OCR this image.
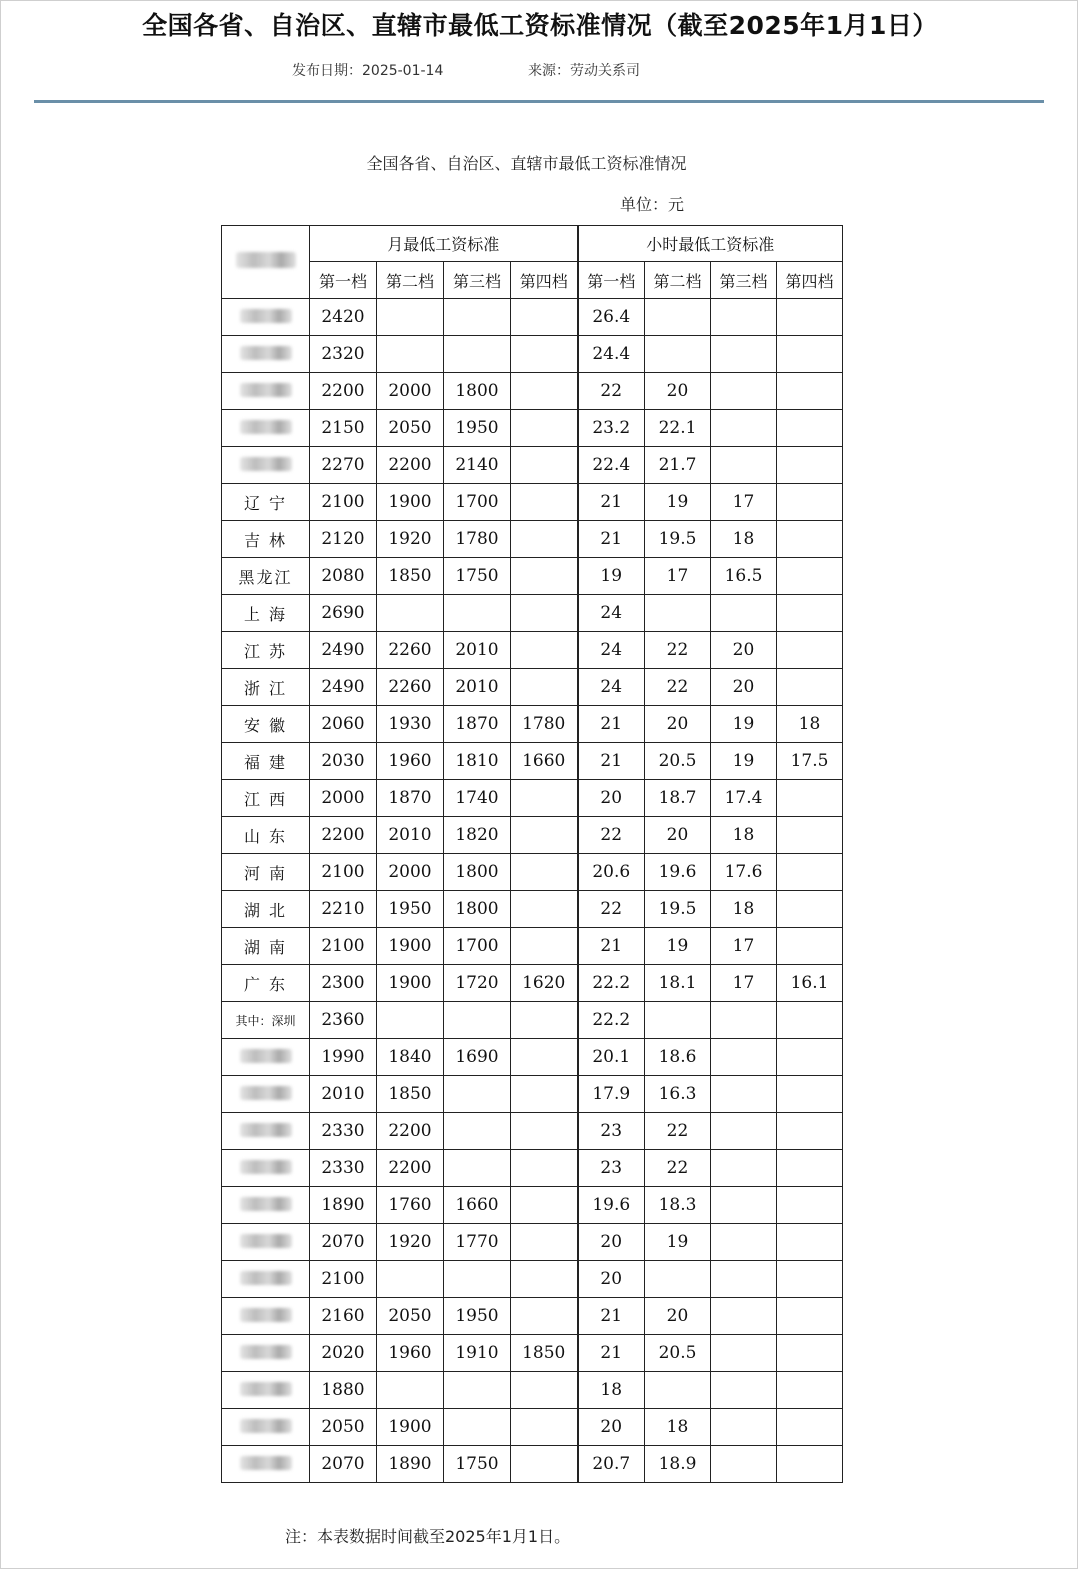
全国各省、自治区、直辖市最低工资标准情况（截至2025年1月1日）
发布日期：2025-01-14	来源：劳动关系司
全国各省、自治区、直辖市最低工资标准情况
单位：元
	月最低工资标准				小时最低工资标准			
	第一档	第二档	第三档	第四档	第一档	第二档	第三档	第四档
	2420				26.4			
	2320				24.4			
	2200	2000	1800		22	20		
	2150	2050	1950		23.2	22.1		
	2270	2200	2140		22.4	21.7		
辽 宁	2100	1900	1700		21	19	17	
吉 林	2120	1920	1780		21	19.5	18	
黑龙江	2080	1850	1750		19	17	16.5	
上 海	2690				24			
江 苏	2490	2260	2010		24	22	20	
浙 江	2490	2260	2010		24	22	20	
安 徽	2060	1930	1870	1780	21	20	19	18
福 建	2030	1960	1810	1660	21	20.5	19	17.5
江 西	2000	1870	1740		20	18.7	17.4	
山 东	2200	2010	1820		22	20	18	
河 南	2100	2000	1800		20.6	19.6	17.6	
湖 北	2210	1950	1800		22	19.5	18	
湖 南	2100	1900	1700		21	19	17	
广 东	2300	1900	1720	1620	22.2	18.1	17	16.1
其中：深圳	2360				22.2			
	1990	1840	1690		20.1	18.6		
	2010	1850			17.9	16.3		
	2330	2200			23	22		
	2330	2200			23	22		
	1890	1760	1660		19.6	18.3		
	2070	1920	1770		20	19		
	2100				20			
	2160	2050	1950		21	20		
	2020	1960	1910	1850	21	20.5		
	1880				18			
	2050	1900			20	18		
	2070	1890	1750		20.7	18.9		
注：本表数据时间截至2025年1月1日。
